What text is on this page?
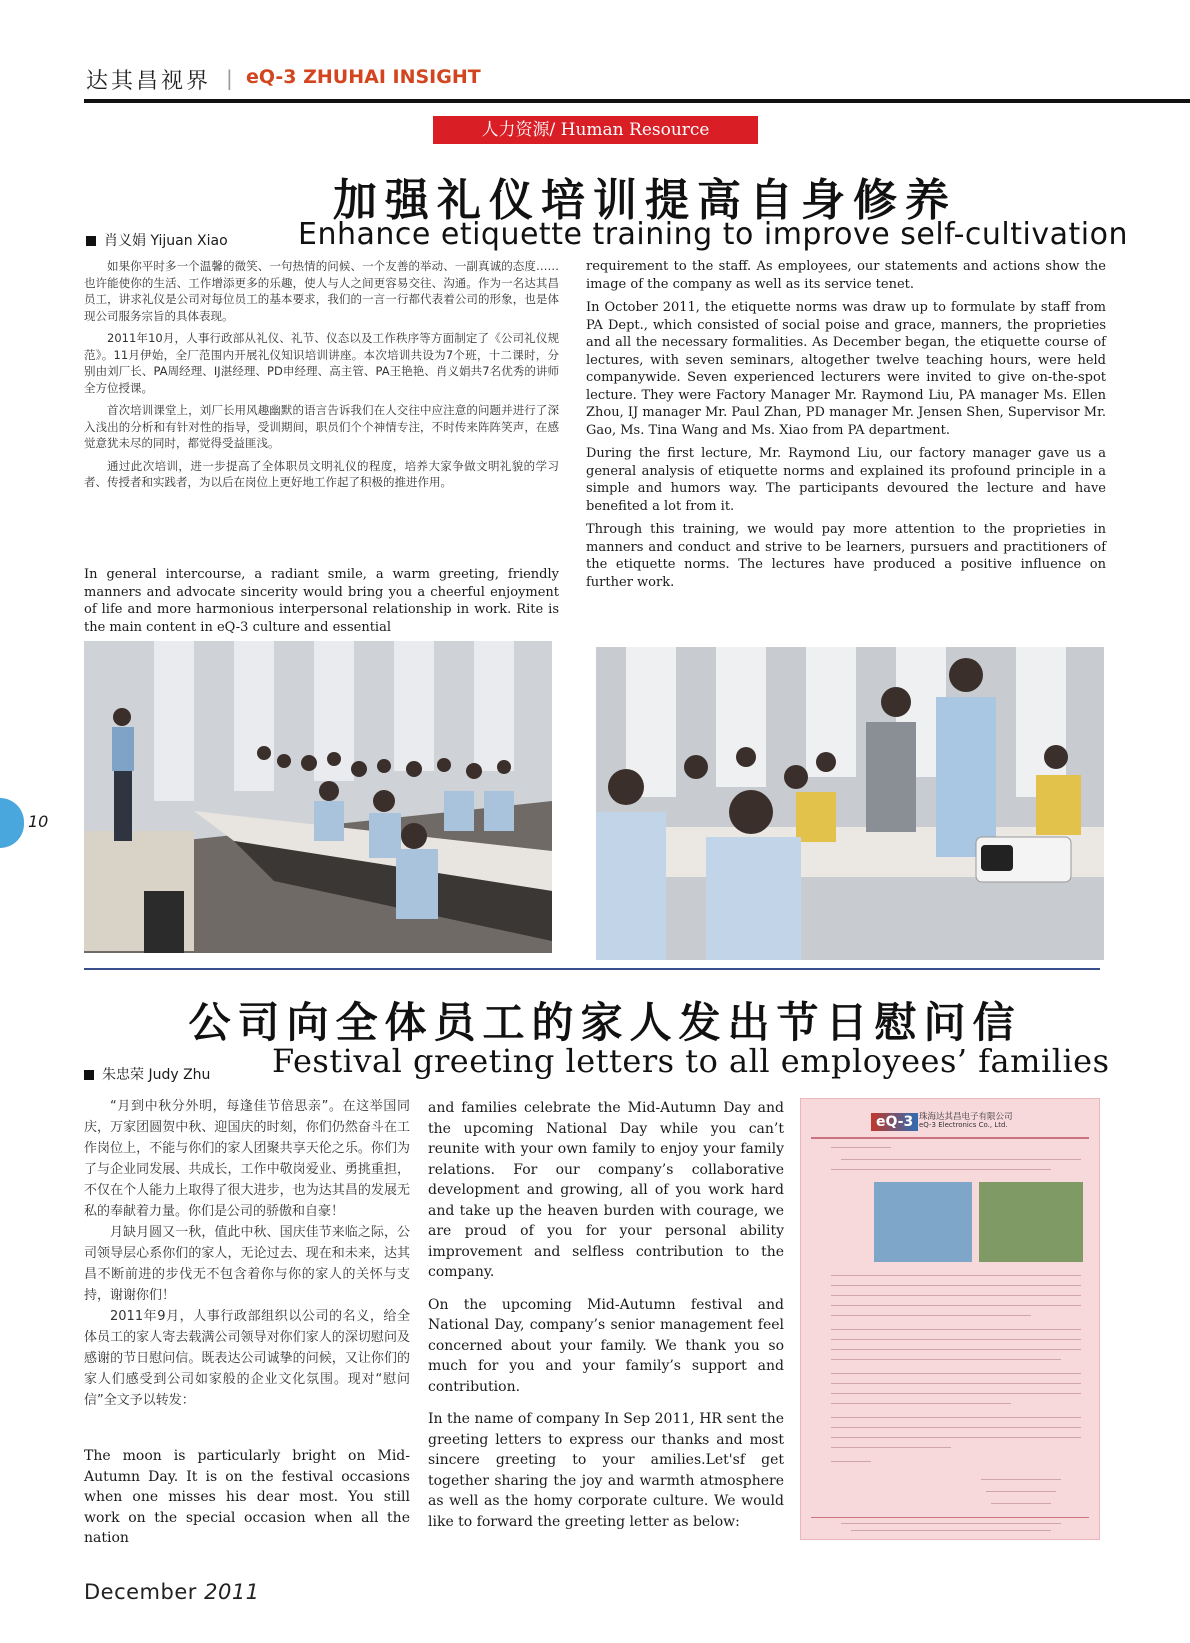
达其昌视界 | eQ-3 ZHUHAI INSIGHT
人力资源/ Human Resource
加强礼仪培训提高自身修养
肖义娟 Yijuan Xiao Enhance etiquette training to improve self-cultivation

如果你平时多一个温馨的微笑、一句热情的问候、一个友善的举动、一副真诚的态度……也许能使你的生活、工作增添更多的乐趣，使人与人之间更容易交往、沟通。作为一名达其昌员工，讲求礼仪是公司对每位员工的基本要求，我们的一言一行都代表着公司的形象，也是体现公司服务宗旨的具体表现。

2011年10月，人事行政部从礼仪、礼节、仪态以及工作秩序等方面制定了《公司礼仪规范》。11月伊始，全厂范围内开展礼仪知识培训讲座。本次培训共设为7个班，十二课时，分别由刘厂长、PA周经理、IJ湛经理、PD申经理、高主管、PA王艳艳、肖义娟共7名优秀的讲师全方位授课。

首次培训课堂上，刘厂长用风趣幽默的语言告诉我们在人交往中应注意的问题并进行了深入浅出的分析和有针对性的指导，受训期间，职员们个个神情专注，不时传来阵阵笑声，在感觉意犹未尽的同时，都觉得受益匪浅。

通过此次培训，进一步提高了全体职员文明礼仪的程度，培养大家争做文明礼貌的学习者、传授者和实践者，为以后在岗位上更好地工作起了积极的推进作用。

In general intercourse, a radiant smile, a warm greeting, friendly manners and advocate sincerity would bring you a cheerful enjoyment of life and more harmonious interpersonal relationship in work. Rite is the main content in eQ-3 culture and essential

requirement to the staff. As employees, our statements and actions show the image of the company as well as its service tenet.

In October 2011, the etiquette norms was draw up to formulate by staff from PA Dept., which consisted of social poise and grace, manners, the proprieties and all the necessary formalities. As December began, the etiquette course of lectures, with seven seminars, altogether twelve teaching hours, were held companywide. Seven experienced lecturers were invited to give on-the-spot lecture. They were Factory Manager Mr. Raymond Liu, PA manager Ms. Ellen Zhou, IJ manager Mr. Paul Zhan, PD manager Mr. Jensen Shen, Supervisor Mr. Gao, Ms. Tina Wang and Ms. Xiao from PA department.

During the first lecture, Mr. Raymond Liu, our factory manager gave us a general analysis of etiquette norms and explained its profound principle in a simple and humors way. The participants devoured the lecture and have benefited a lot from it.

Through this training, we would pay more attention to the proprieties in manners and conduct and strive to be learners, pursuers and practitioners of the etiquette norms. The lectures have produced a positive influence on further work.

10
公司向全体员工的家人发出节日慰问信
朱忠荣 Judy Zhu Festival greeting letters to all employees’ families

“月到中秋分外明，每逢佳节倍思亲”。在这举国同庆，万家团圆贺中秋、迎国庆的时刻，你们仍然奋斗在工作岗位上，不能与你们的家人团聚共享天伦之乐。你们为了与企业同发展、共成长，工作中敬岗爱业、勇挑重担，不仅在个人能力上取得了很大进步，也为达其昌的发展无私的奉献着力量。你们是公司的骄傲和自豪！

月缺月圆又一秋，值此中秋、国庆佳节来临之际，公司领导层心系你们的家人，无论过去、现在和未来，达其昌不断前进的步伐无不包含着你与你的家人的关怀与支持，谢谢你们！

2011年9月，人事行政部组织以公司的名义，给全体员工的家人寄去载满公司领导对你们家人的深切慰问及感谢的节日慰问信。既表达公司诚挚的问候，又让你们的家人们感受到公司如家般的企业文化氛围。现对“慰问信”全文予以转发：

The moon is particularly bright on Mid-Autumn Day. It is on the festival occasions when one misses his dear most. You still work on the special occasion when all the nation

and families celebrate the Mid-Autumn Day and the upcoming National Day while you can’t reunite with your own family to enjoy your family relations. For our company’s collaborative development and growing, all of you work hard and take up the heaven burden with courage, we are proud of you for your personal ability improvement and selfless contribution to the company.

On the upcoming Mid-Autumn festival and National Day, company’s senior management feel concerned about your family. We thank you so much for you and your family’s support and contribution.

In the name of company In Sep 2011, HR sent the greeting letters to express our thanks and most sincere greeting to your amilies.Let'sf get together sharing the joy and warmth atmosphere as well as the homy corporate culture. We would like to forward the greeting letter as below:

eQ-3 珠海达其昌电子有限公司
eQ-3 Electronics Co., Ltd.
December 2011
